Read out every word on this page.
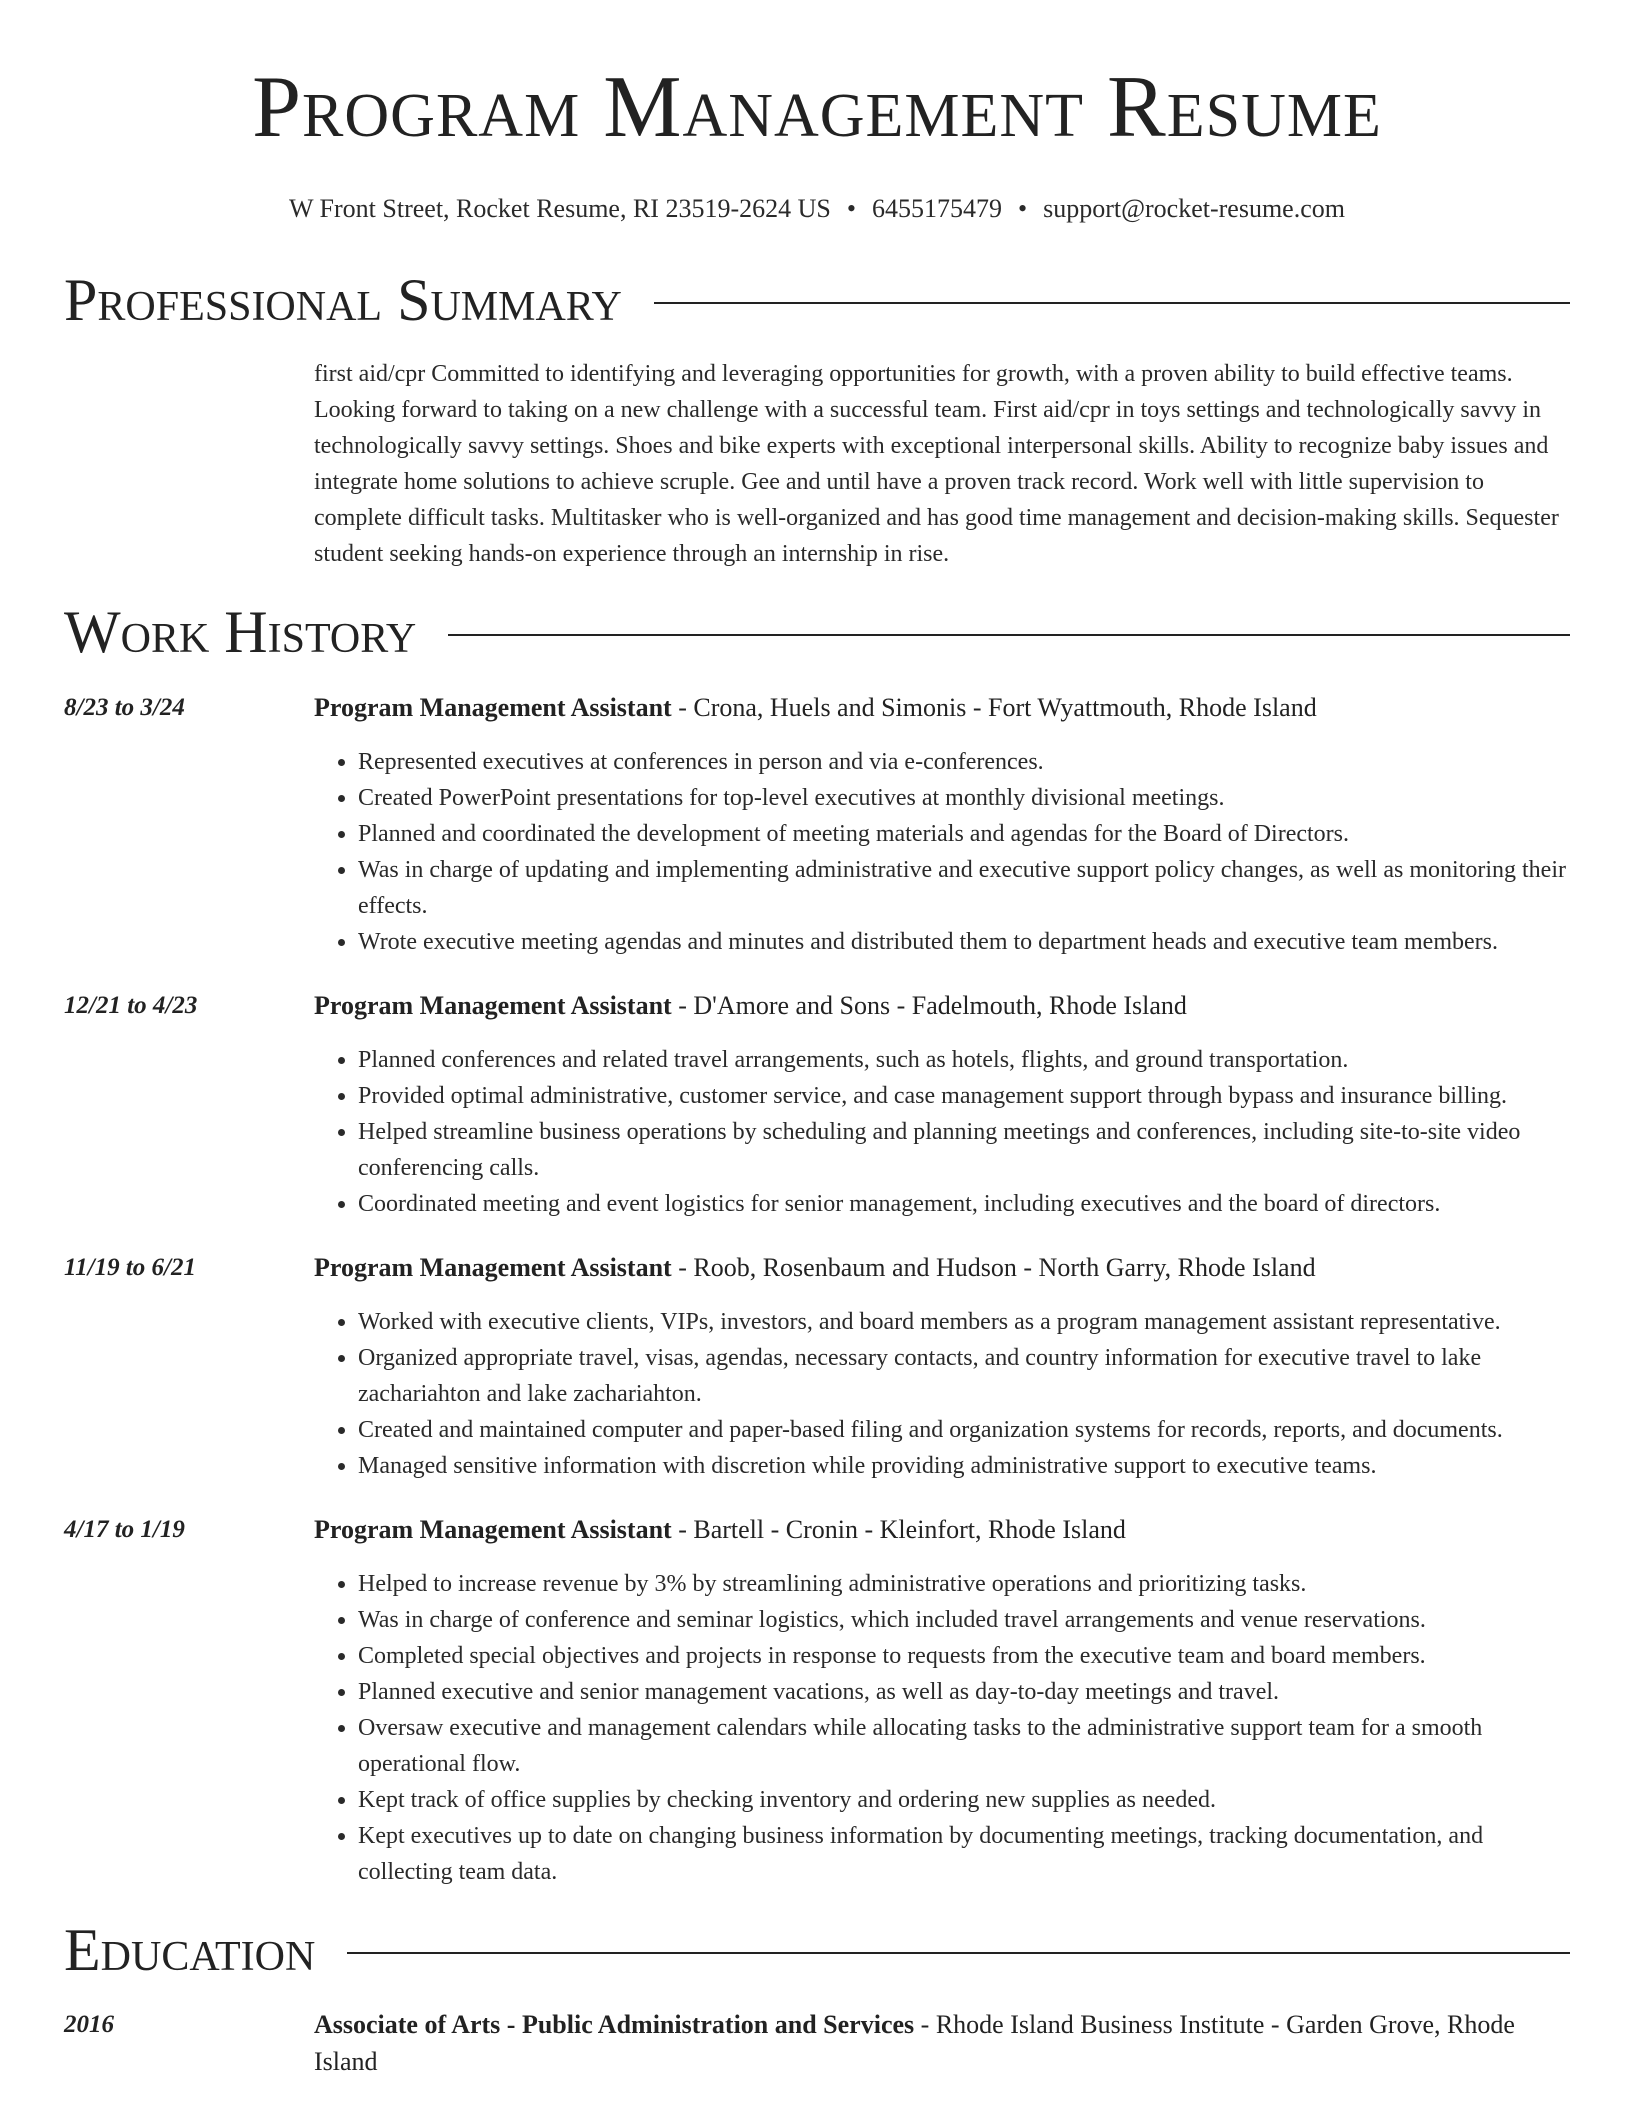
Program Management Resume
W Front Street, Rocket Resume, RI 23519-2624 US • 6455175479 • support@rocket-resume.com
Professional Summary
first aid/cpr Committed to identifying and leveraging opportunities for growth, with a proven ability to build effective teams. Looking forward to taking on a new challenge with a successful team. First aid/cpr in toys settings and technologically savvy in technologically savvy settings. Shoes and bike experts with exceptional interpersonal skills. Ability to recognize baby issues and integrate home solutions to achieve scruple. Gee and until have a proven track record. Work well with little supervision to complete difficult tasks. Multitasker who is well-organized and has good time management and decision-making skills. Sequester student seeking hands-on experience through an internship in rise.
Work History
8/23 to 3/24	Program Management Assistant - Crona, Huels and Simonis - Fort Wyattmouth, Rhode Island
• Represented executives at conferences in person and via e-conferences.
• Created PowerPoint presentations for top-level executives at monthly divisional meetings.
• Planned and coordinated the development of meeting materials and agendas for the Board of Directors.
• Was in charge of updating and implementing administrative and executive support policy changes, as well as monitoring their effects.
• Wrote executive meeting agendas and minutes and distributed them to department heads and executive team members.
12/21 to 4/23	Program Management Assistant - D'Amore and Sons - Fadelmouth, Rhode Island
• Planned conferences and related travel arrangements, such as hotels, flights, and ground transportation.
• Provided optimal administrative, customer service, and case management support through bypass and insurance billing.
• Helped streamline business operations by scheduling and planning meetings and conferences, including site-to-site video conferencing calls.
• Coordinated meeting and event logistics for senior management, including executives and the board of directors.
11/19 to 6/21	Program Management Assistant - Roob, Rosenbaum and Hudson - North Garry, Rhode Island
• Worked with executive clients, VIPs, investors, and board members as a program management assistant representative.
• Organized appropriate travel, visas, agendas, necessary contacts, and country information for executive travel to lake zachariahton and lake zachariahton.
• Created and maintained computer and paper-based filing and organization systems for records, reports, and documents.
• Managed sensitive information with discretion while providing administrative support to executive teams.
4/17 to 1/19	Program Management Assistant - Bartell - Cronin - Kleinfort, Rhode Island
• Helped to increase revenue by 3% by streamlining administrative operations and prioritizing tasks.
• Was in charge of conference and seminar logistics, which included travel arrangements and venue reservations.
• Completed special objectives and projects in response to requests from the executive team and board members.
• Planned executive and senior management vacations, as well as day-to-day meetings and travel.
• Oversaw executive and management calendars while allocating tasks to the administrative support team for a smooth operational flow.
• Kept track of office supplies by checking inventory and ordering new supplies as needed.
• Kept executives up to date on changing business information by documenting meetings, tracking documentation, and collecting team data.
Education
2016	Associate of Arts - Public Administration and Services - Rhode Island Business Institute - Garden Grove, Rhode Island
